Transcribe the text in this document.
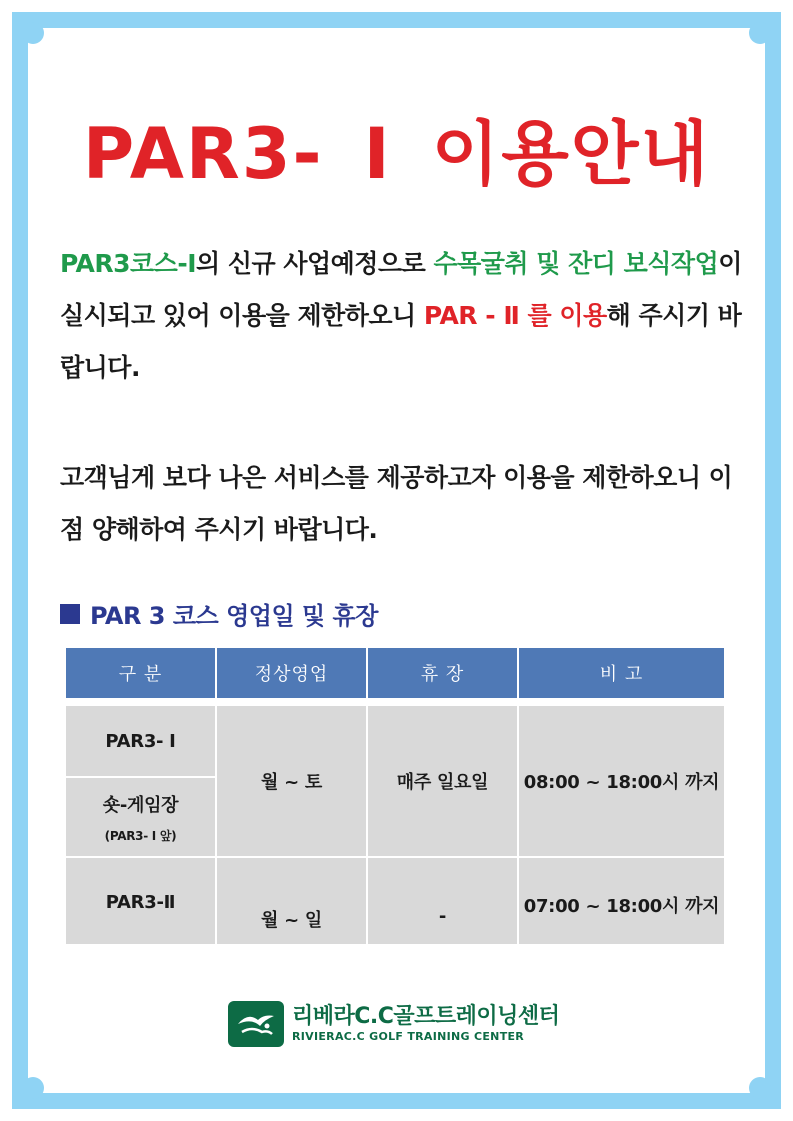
PAR3- I 이용안내
PAR3코스-Ⅰ의 신규 사업예정으로 수목굴취 및 잔디 보식작업이 실시되고 있어 이용을 제한하오니 PAR - Ⅱ 를 이용해 주시기 바랍니다.
고객님게 보다 나은 서비스를 제공하고자 이용을 제한하오니 이점 양해하여 주시기 바랍니다.
PAR 3 코스 영업일 및 휴장
구 분	정상영업	휴 장	비 고

PAR3- Ⅰ	월 ~ 토	매주 일요일	08:00 ~ 18:00시 까지
숏-게임장
(PAR3- Ⅰ 앞)			

PAR3-Ⅱ	월 ~ 일	-	07:00 ~ 18:00시 까지
리베라C.C골프트레이닝센터
RIVIERAC.C GOLF TRAINING CENTER
